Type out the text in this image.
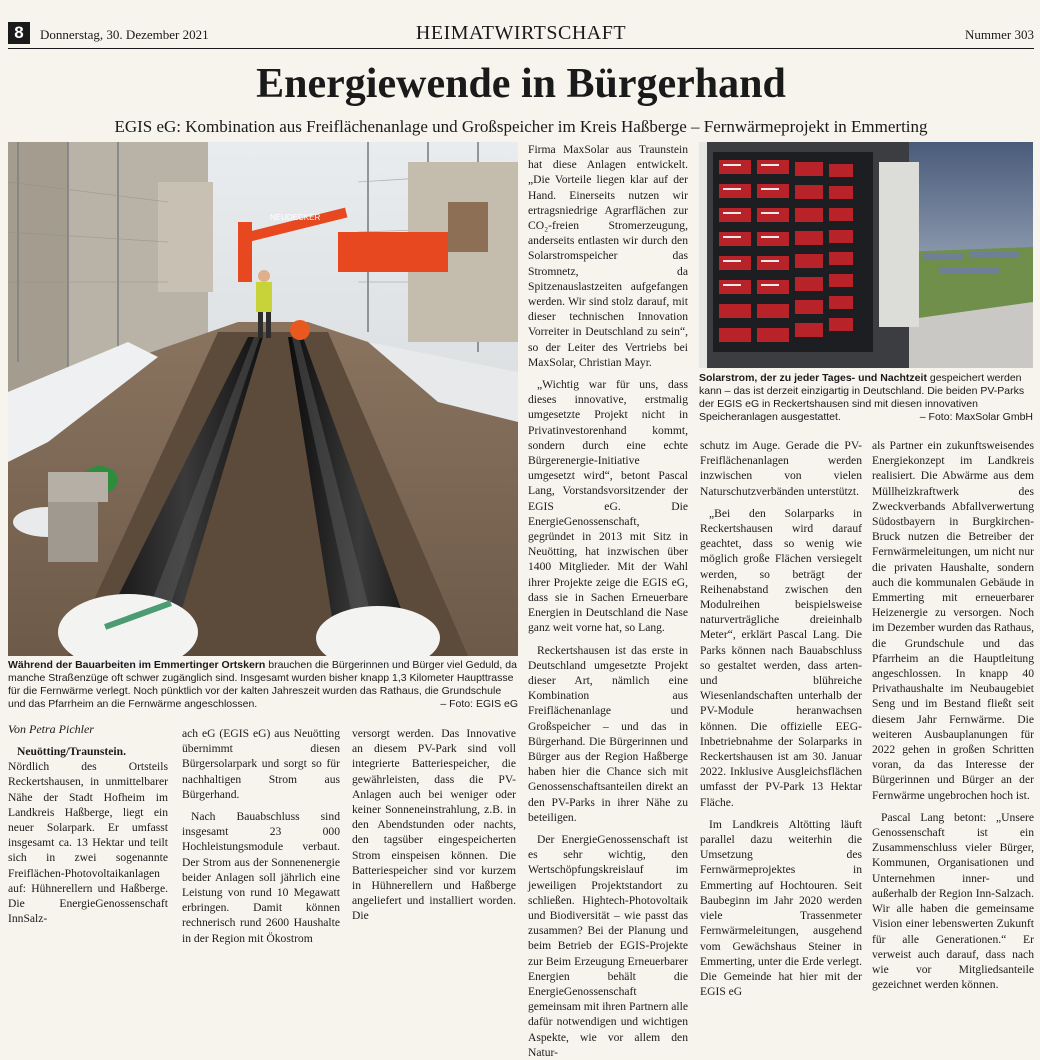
8	Donnerstag, 30. Dezember 2021	HEIMATWIRTSCHAFT	Nummer 303
Energiewende in Bürgerhand
EGIS eG: Kombination aus Freiflächenanlage und Großspeicher im Kreis Haßberge – Fernwärmeprojekt in Emmerting
NEUDECKER
Während der Bauarbeiten im Emmertinger Ortskern brauchen die Bürgerinnen und Bürger viel Geduld, da manche Straßenzüge oft schwer zugänglich sind. Insgesamt wurden bisher knapp 1,3 Kilometer Haupttrasse für die Fernwärme verlegt. Noch pünktlich vor der kalten Jahreszeit wurden das Rathaus, die Grundschule und das Pfarrheim an die Fernwärme angeschlossen.	– Foto: EGIS eG
Solarstrom, der zu jeder Tages- und Nachtzeit gespeichert werden kann – das ist derzeit einzigartig in Deutschland. Die beiden PV-Parks der EGIS eG in Reckertshausen sind mit diesen innovativen Speicheranlagen ausgestattet.	– Foto: MaxSolar GmbH
Von Petra Pichler

Neuötting/Traunstein. Nördlich des Ortsteils Reckertshausen, in unmittelbarer Nähe der Stadt Hofheim im Landkreis Haßberge, liegt ein neuer Solarpark. Er umfasst insgesamt ca. 13 Hektar und teilt sich in zwei sogenannte Freiflächen-Photovoltaikanlagen auf: Hühnerellern und Haßberge. Die EnergieGenossenschaft InnSalz-

ach eG (EGIS eG) aus Neuötting übernimmt diesen Bürgersolarpark und sorgt so für nachhaltigen Strom aus Bürgerhand.

Nach Bauabschluss sind insgesamt 23 000 Hochleistungsmodule verbaut. Der Strom aus der Sonnenenergie beider Anlagen soll jährlich eine Leistung von rund 10 Megawatt erbringen. Damit können rechnerisch rund 2600 Haushalte in der Region mit Ökostrom

versorgt werden. Das Innovative an diesem PV-Park sind voll integrierte Batteriespeicher, die gewährleisten, dass die PV-Anlagen auch bei weniger oder keiner Sonneneinstrahlung, z.B. in den Abendstunden oder nachts, den tagsüber eingespeicherten Strom einspeisen können. Die Batteriespeicher sind vor kurzem in Hühnerellern und Haßberge angeliefert und installiert worden. Die

Firma MaxSolar aus Traunstein hat diese Anlagen entwickelt. „Die Vorteile liegen klar auf der Hand. Einerseits nutzen wir ertragsniedrige Agrarflächen zur CO₂-freien Stromerzeugung, anderseits entlasten wir durch den Solarstromspeicher das Stromnetz, da Spitzenauslastzeiten aufgefangen werden. Wir sind stolz darauf, mit dieser technischen Innovation Vorreiter in Deutschland zu sein“, so der Leiter des Vertriebs bei MaxSolar, Christian Mayr.

„Wichtig war für uns, dass dieses innovative, erstmalig umgesetzte Projekt nicht in Privatinvestorenhand kommt, sondern durch eine echte Bürgerenergie-Initiative umgesetzt wird“, betont Pascal Lang, Vorstandsvorsitzender der EGIS eG. Die EnergieGenossenschaft, gegründet in 2013 mit Sitz in Neuötting, hat inzwischen über 1400 Mitglieder. Mit der Wahl ihrer Projekte zeige die EGIS eG, dass sie in Sachen Erneuerbare Energien in Deutschland die Nase ganz weit vorne hat, so Lang.

Reckertshausen ist das erste in Deutschland umgesetzte Projekt dieser Art, nämlich eine Kombination aus Freiflächenanlage und Großspeicher – und das in Bürgerhand. Die Bürgerinnen und Bürger aus der Region Haßberge haben hier die Chance sich mit Genossenschaftsanteilen direkt an den PV-Parks in ihrer Nähe zu beteiligen.

Der EnergieGenossenschaft ist es sehr wichtig, den Wertschöpfungskreislauf im jeweiligen Projektstandort zu schließen. Hightech-Photovoltaik und Biodiversität – wie passt das zusammen? Bei der Planung und beim Betrieb der EGIS-Projekte zur Beim Erzeugung Erneuerbarer Energien behält die EnergieGenossenschaft gemeinsam mit ihren Partnern alle dafür notwendigen und wichtigen Aspekte, wie vor allem den Natur-

schutz im Auge. Gerade die PV-Freiflächenanlagen werden inzwischen von vielen Naturschutzverbänden unterstützt.

„Bei den Solarparks in Reckertshausen wird darauf geachtet, dass so wenig wie möglich große Flächen versiegelt werden, so beträgt der Reihenabstand zwischen den Modulreihen beispielsweise naturverträgliche dreieinhalb Meter“, erklärt Pascal Lang. Die Parks können nach Bauabschluss so gestaltet werden, dass arten- und blühreiche Wiesenlandschaften unterhalb der PV-Module heranwachsen können. Die offizielle EEG-Inbetriebnahme der Solarparks in Reckertshausen ist am 30. Januar 2022. Inklusive Ausgleichsflächen umfasst der PV-Park 13 Hektar Fläche.

Im Landkreis Altötting läuft parallel dazu weiterhin die Umsetzung des Fernwärmeprojektes in Emmerting auf Hochtouren. Seit Baubeginn im Jahr 2020 werden viele Trassenmeter Fernwärmeleitungen, ausgehend vom Gewächshaus Steiner in Emmerting, unter die Erde verlegt. Die Gemeinde hat hier mit der EGIS eG

als Partner ein zukunftsweisendes Energiekonzept im Landkreis realisiert. Die Abwärme aus dem Müllheizkraftwerk des Zweckverbands Abfallverwertung Südostbayern in Burgkirchen-Bruck nutzen die Betreiber der Fernwärmeleitungen, um nicht nur die privaten Haushalte, sondern auch die kommunalen Gebäude in Emmerting mit erneuerbarer Heizenergie zu versorgen. Noch im Dezember wurden das Rathaus, die Grundschule und das Pfarrheim an die Hauptleitung angeschlossen. In knapp 40 Privathaushalte im Neubaugebiet Seng und im Bestand fließt seit diesem Jahr Fernwärme. Die weiteren Ausbauplanungen für 2022 gehen in großen Schritten voran, da das Interesse der Bürgerinnen und Bürger an der Fernwärme ungebrochen hoch ist.

Pascal Lang betont: „Unsere Genossenschaft ist ein Zusammenschluss vieler Bürger, Kommunen, Organisationen und Unternehmen inner- und außerhalb der Region Inn-Salzach. Wir alle haben die gemeinsame Vision einer lebenswerten Zukunft für alle Generationen.“ Er verweist auch darauf, dass nach wie vor Mitgliedsanteile gezeichnet werden können.
